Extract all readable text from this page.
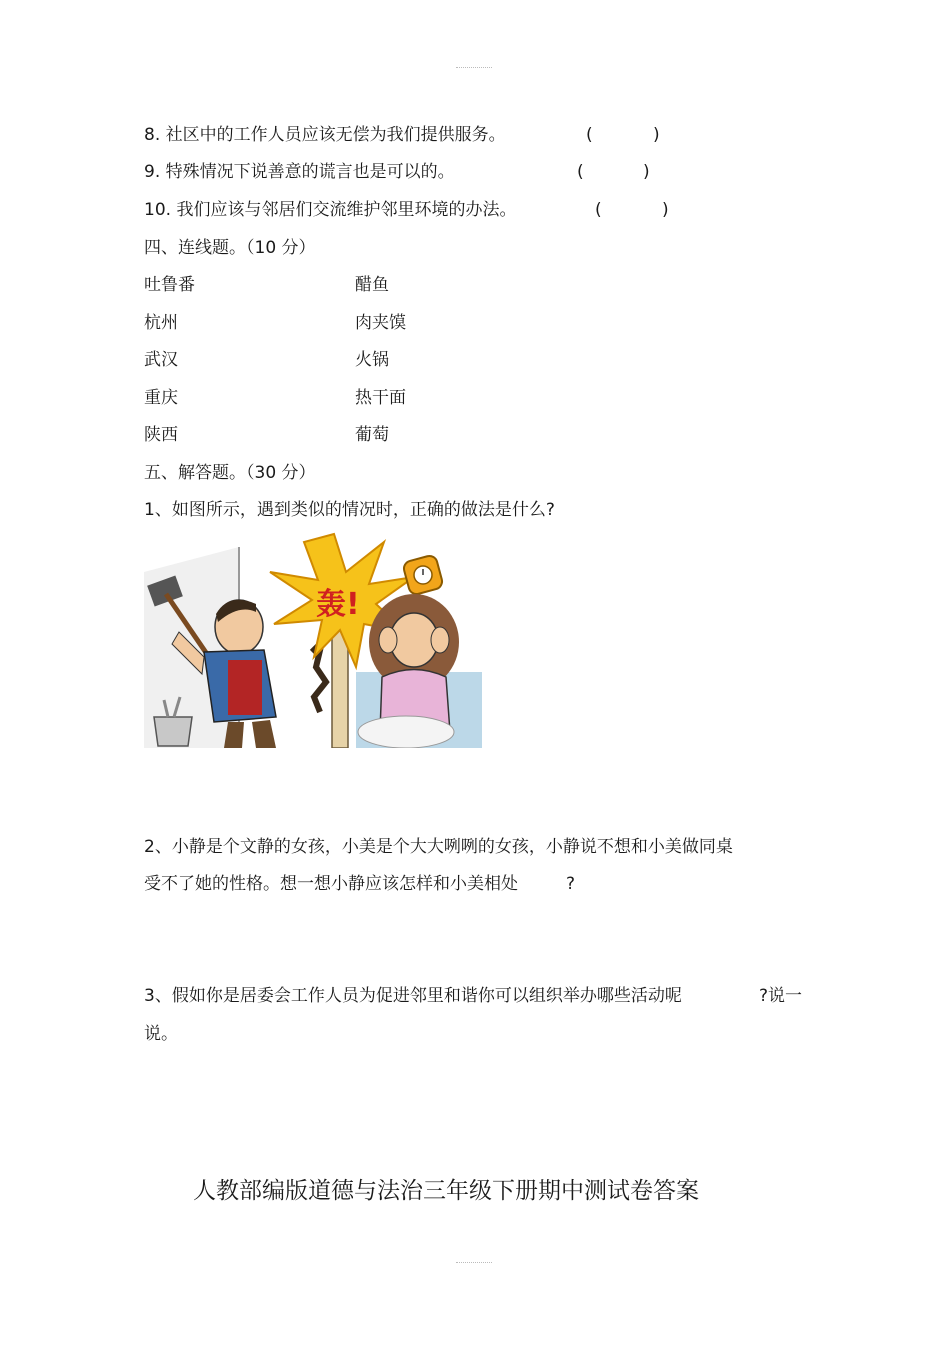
8. 社区中的工作人员应该无偿为我们提供服务。	(	)
9. 特殊情况下说善意的谎言也是可以的。	(	)
10. 我们应该与邻居们交流维护邻里环境的办法。	(	)
四、连线题。（10 分）
吐鲁番	醋鱼
杭州	肉夹馍
武汉	火锅
重庆	热干面
陕西	葡萄
五、解答题。（30 分）
1、如图所示，遇到类似的情况时，正确的做法是什么?
轰!
2、小静是个文静的女孩，小美是个大大咧咧的女孩，小静说不想和小美做同桌
受不了她的性格。想一想小静应该怎样和小美相处	?
3、假如你是居委会工作人员为促进邻里和谐你可以组织举办哪些活动呢	?说一
说。
人教部编版道德与法治三年级下册期中测试卷答案
